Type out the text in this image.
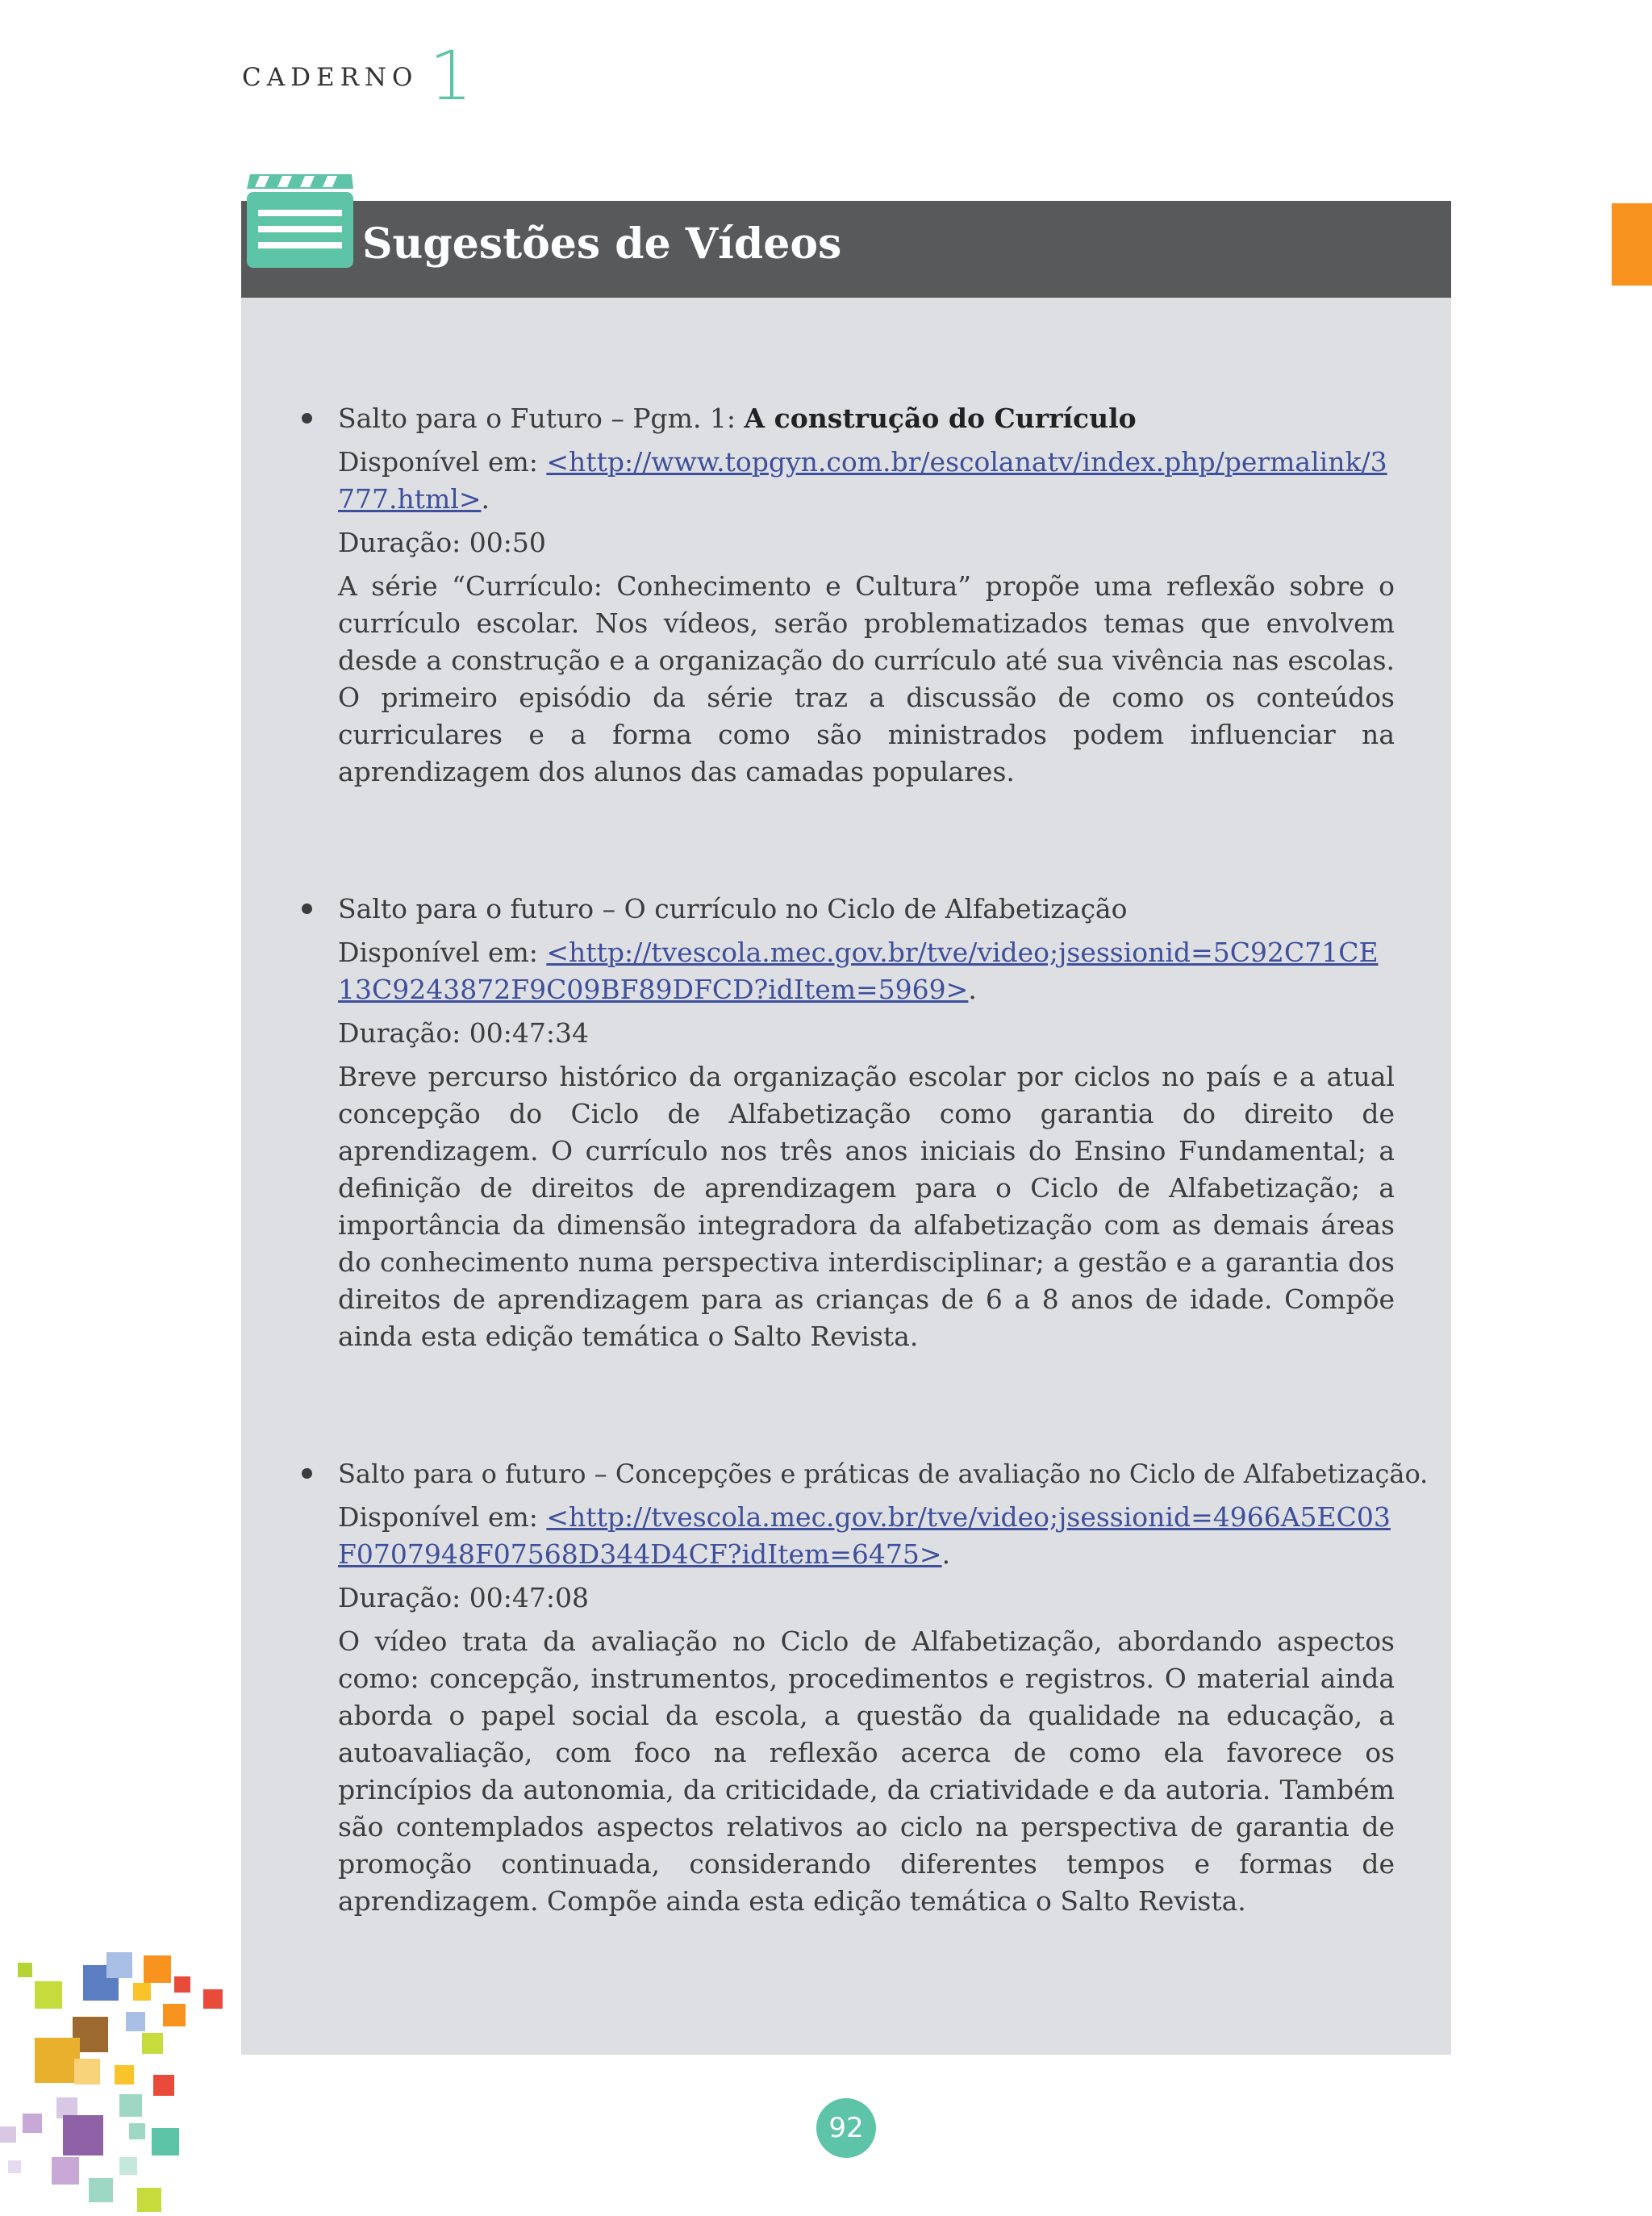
CADERNO 1
Sugestões de Vídeos

Salto para o Futuro – Pgm. 1: A construção do Currículo

Disponível em: <http://www.topgyn.com.br/escolanatv/index.php/permalink/3777.html>.

Duração: 00:50

A série “Currículo: Conhecimento e Cultura” propõe uma reflexão sobre o currículo escolar. Nos vídeos, serão problematizados temas que envolvem desde a construção e a organização do currículo até sua vivência nas escolas. O primeiro episódio da série traz a discussão de como os conteúdos curriculares e a forma como são ministrados podem influenciar na aprendizagem dos alunos das camadas populares.

Salto para o futuro – O currículo no Ciclo de Alfabetização

Disponível em: <http://tvescola.mec.gov.br/tve/video;jsessionid=5C92C71CE13C9243872F9C09BF89DFCD?idItem=5969>.

Duração: 00:47:34

Breve percurso histórico da organização escolar por ciclos no país e a atual concepção do Ciclo de Alfabetização como garantia do direito de aprendizagem. O currículo nos três anos iniciais do Ensino Fundamental; a definição de direitos de aprendizagem para o Ciclo de Alfabetização; a importância da dimensão integradora da alfabetização com as demais áreas do conhecimento numa perspectiva interdisciplinar; a gestão e a garantia dos direitos de aprendizagem para as crianças de 6 a 8 anos de idade. Compõe ainda esta edição temática o Salto Revista.

Salto para o futuro – Concepções e práticas de avaliação no Ciclo de Alfabetização.

Disponível em: <http://tvescola.mec.gov.br/tve/video;jsessionid=4966A5EC03F0707948F07568D344D4CF?idItem=6475>.

Duração: 00:47:08

O vídeo trata da avaliação no Ciclo de Alfabetização, abordando aspectos como: concepção, instrumentos, procedimentos e registros. O material ainda aborda o papel social da escola, a questão da qualidade na educação, a autoavaliação, com foco na reflexão acerca de como ela favorece os princípios da autonomia, da criticidade, da criatividade e da autoria. Também são contemplados aspectos relativos ao ciclo na perspectiva de garantia de promoção continuada, considerando diferentes tempos e formas de aprendizagem. Compõe ainda esta edição temática o Salto Revista.

92
